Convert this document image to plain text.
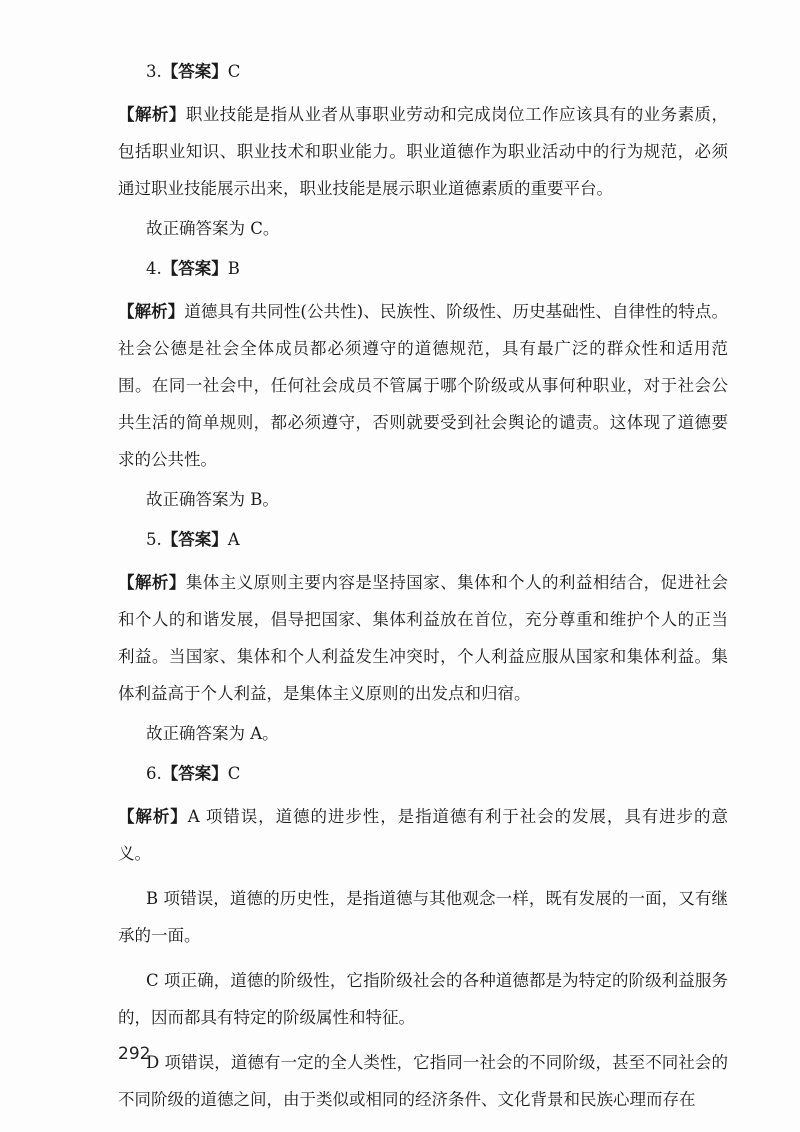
3.【答案】C

【解析】职业技能是指从业者从事职业劳动和完成岗位工作应该具有的业务素质，包括职业知识、职业技术和职业能力。职业道德作为职业活动中的行为规范，必须通过职业技能展示出来，职业技能是展示职业道德素质的重要平台。

故正确答案为 C。

4.【答案】B

【解析】道德具有共同性(公共性)、民族性、阶级性、历史基础性、自律性的特点。社会公德是社会全体成员都必须遵守的道德规范，具有最广泛的群众性和适用范围。在同一社会中，任何社会成员不管属于哪个阶级或从事何种职业，对于社会公共生活的简单规则，都必须遵守，否则就要受到社会舆论的谴责。这体现了道德要求的公共性。

故正确答案为 B。

5.【答案】A

【解析】集体主义原则主要内容是坚持国家、集体和个人的利益相结合，促进社会和个人的和谐发展，倡导把国家、集体利益放在首位，充分尊重和维护个人的正当利益。当国家、集体和个人利益发生冲突时，个人利益应服从国家和集体利益。集体利益高于个人利益，是集体主义原则的出发点和归宿。

故正确答案为 A。

6.【答案】C

【解析】A 项错误，道德的进步性，是指道德有利于社会的发展，具有进步的意义。

B 项错误，道德的历史性，是指道德与其他观念一样，既有发展的一面，又有继承的一面。

C 项正确，道德的阶级性，它指阶级社会的各种道德都是为特定的阶级利益服务的，因而都具有特定的阶级属性和特征。

D 项错误，道德有一定的全人类性，它指同一社会的不同阶级，甚至不同社会的不同阶级的道德之间，由于类似或相同的经济条件、文化背景和民族心理而存在

292
